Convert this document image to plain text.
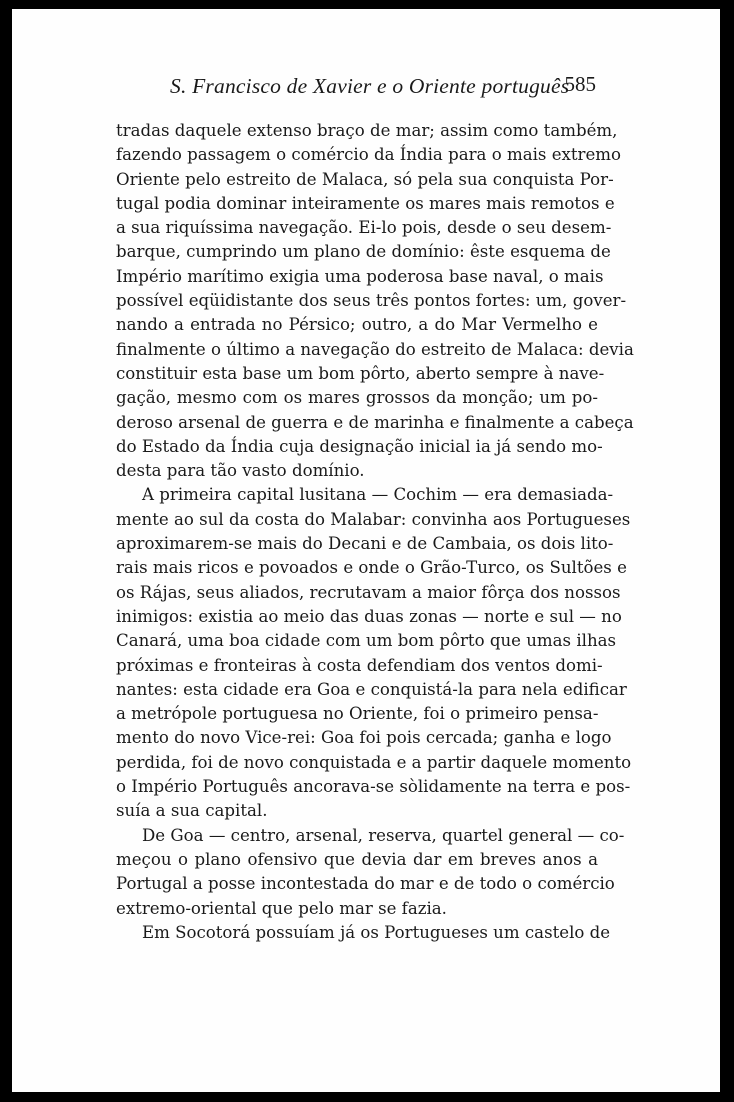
S. Francisco de Xavier e o Oriente português
585
tradas daquele extenso braço de mar; assim como também,
fazendo passagem o comércio da Índia para o mais extremo
Oriente pelo estreito de Malaca, só pela sua conquista Por-
tugal podia dominar inteiramente os mares mais remotos e
a sua riquíssima navegação. Ei-lo pois, desde o seu desem-
barque, cumprindo um plano de domínio: êste esquema de
Império marítimo exigia uma poderosa base naval, o mais
possível eqüidistante dos seus três pontos fortes: um, gover-
nando a entrada no Pérsico; outro, a do Mar Vermelho e
finalmente o último a navegação do estreito de Malaca: devia
constituir esta base um bom pôrto, aberto sempre à nave-
gação, mesmo com os mares grossos da monção; um po-
deroso arsenal de guerra e de marinha e finalmente a cabeça
do Estado da Índia cuja designação inicial ia já sendo mo-
desta para tão vasto domínio.
A primeira capital lusitana — Cochim — era demasiada-
mente ao sul da costa do Malabar: convinha aos Portugueses
aproximarem-se mais do Decani e de Cambaia, os dois lito-
rais mais ricos e povoados e onde o Grão-Turco, os Sultões e
os Rájas, seus aliados, recrutavam a maior fôrça dos nossos
inimigos: existia ao meio das duas zonas — norte e sul — no
Canará, uma boa cidade com um bom pôrto que umas ilhas
próximas e fronteiras à costa defendiam dos ventos domi-
nantes: esta cidade era Goa e conquistá-la para nela edificar
a metrópole portuguesa no Oriente, foi o primeiro pensa-
mento do novo Vice-rei: Goa foi pois cercada; ganha e logo
perdida, foi de novo conquistada e a partir daquele momento
o Império Português ancorava-se sòlidamente na terra e pos-
suía a sua capital.
De Goa — centro, arsenal, reserva, quartel general — co-
meçou o plano ofensivo que devia dar em breves anos a
Portugal a posse incontestada do mar e de todo o comércio
extremo-oriental que pelo mar se fazia.
Em Socotorá possuíam já os Portugueses um castelo de
